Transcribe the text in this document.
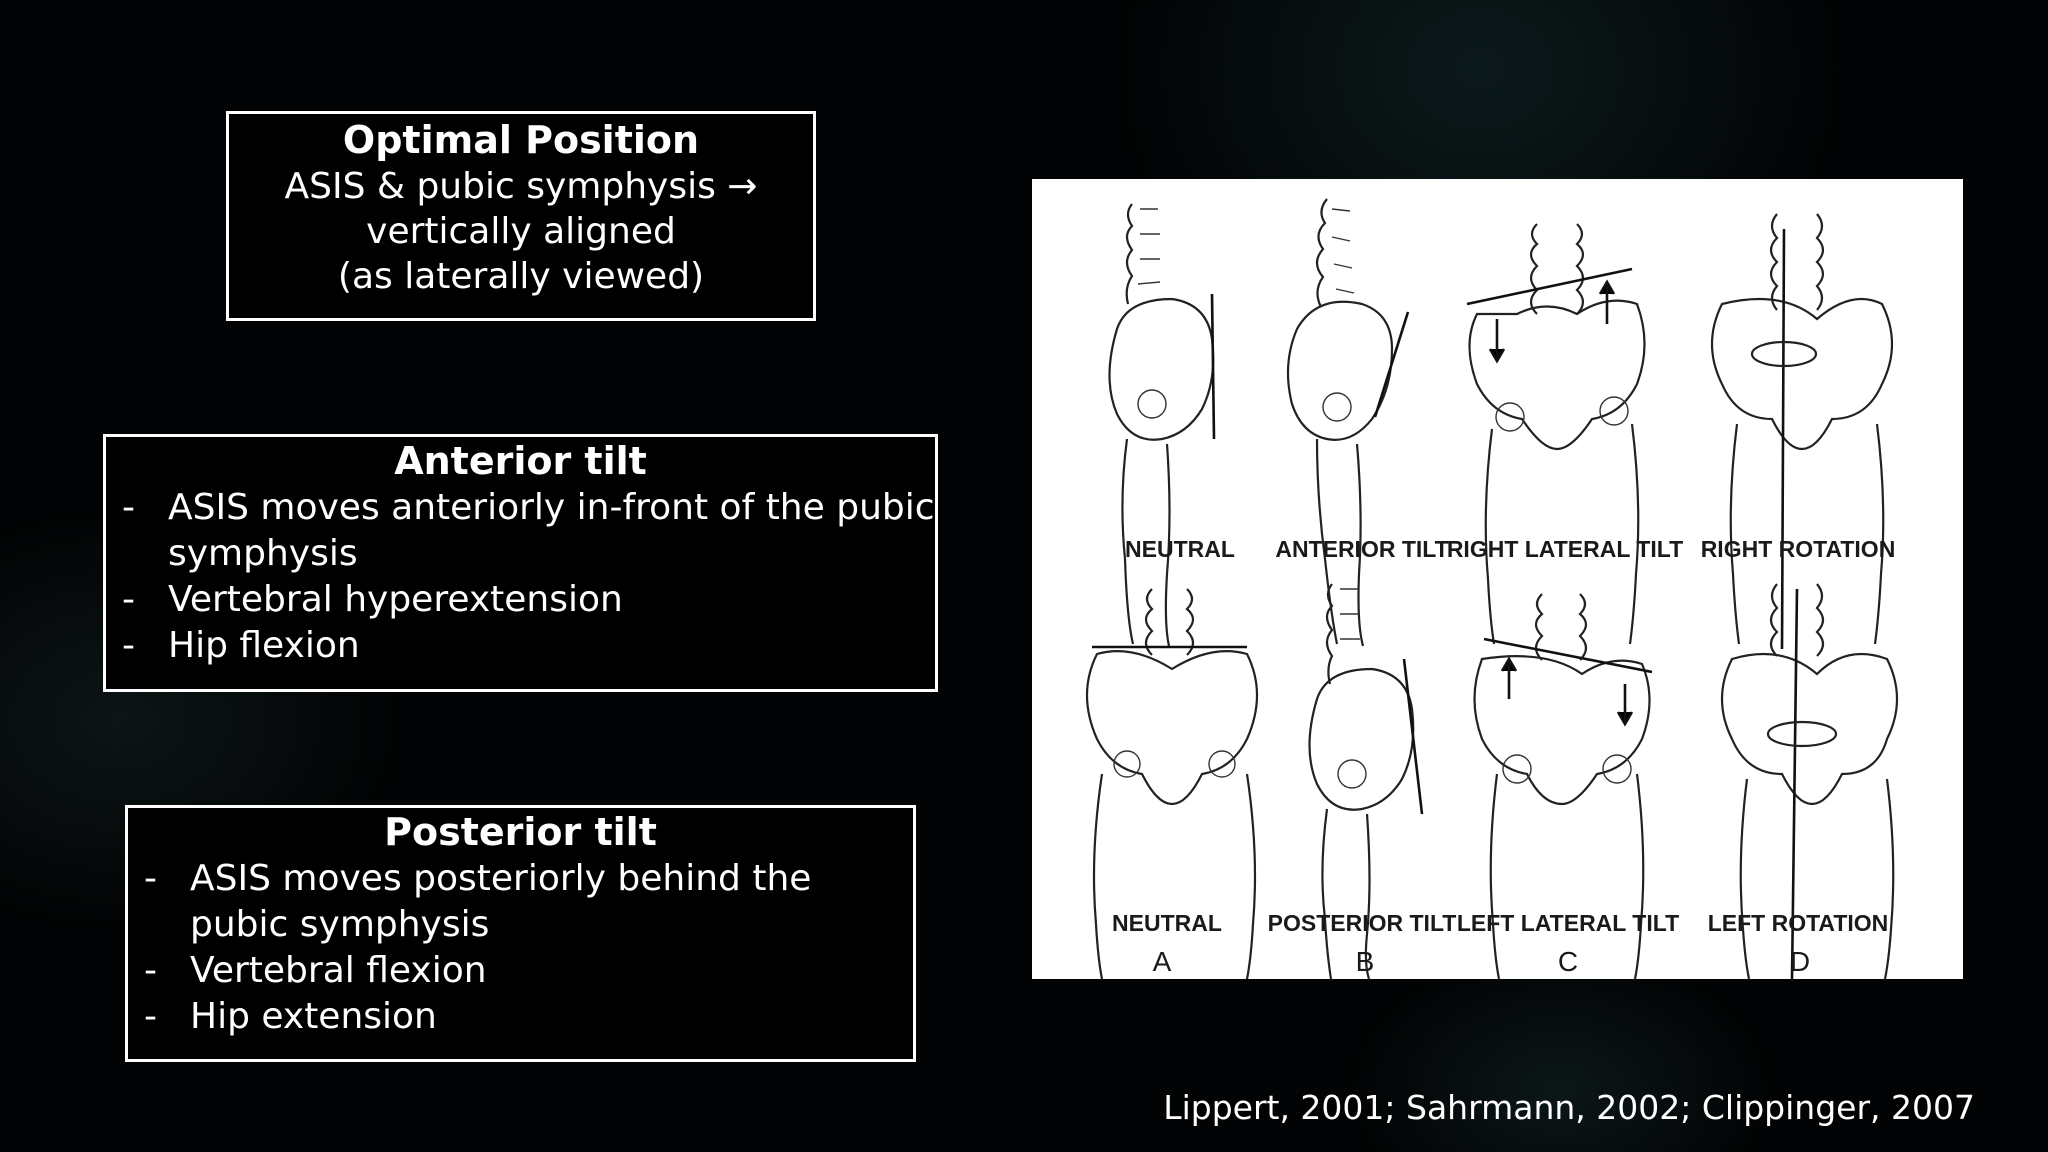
Optimal Position
ASIS & pubic symphysis →
vertically aligned
(as laterally viewed)
Anterior tilt
- ASIS moves anteriorly in-front of the pubic symphysis
- Vertebral hyperextension
- Hip flexion
Posterior tilt
- ASIS moves posteriorly behind the pubic symphysis
- Vertebral flexion
- Hip extension
NEUTRAL ANTERIOR TILT
RIGHT LATERAL TILT RIGHT ROTATION
NEUTRAL POSTERIOR TILT LEFT LATERAL TILT LEFT ROTATION
A	B	C	D
Lippert, 2001; Sahrmann, 2002; Clippinger, 2007
